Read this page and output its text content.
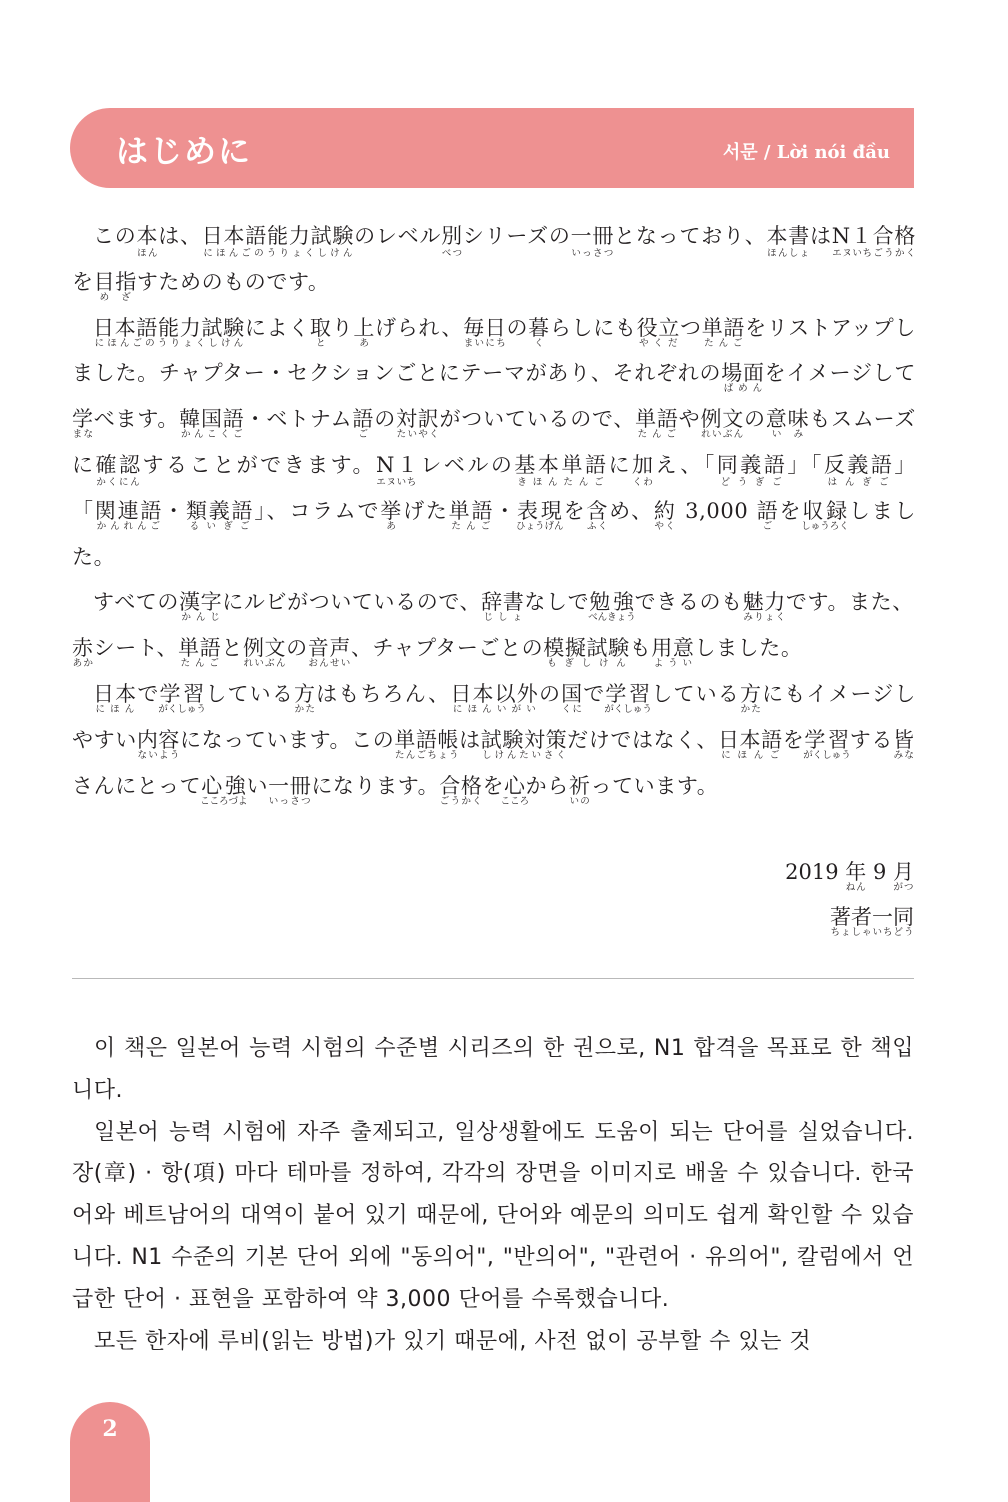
はじめに	서문 / Lời nói đầu

この本ほんは、日本語能力試験にほんごのうりょくしけんのレベル別べつシリーズの一冊いっさつとなっており、本書ほんしょはN１エヌいち合格ごうかくを目指めざすためのものです。

日本語能力試験にほんごのうりょくしけんによく取とり上あげられ、毎日まいにちの暮くらしにも役立やくだつ単語たんごをリストアップしました。チャプター・セクションごとにテーマがあり、それぞれの場面ばめんをイメージして学まなべます。韓国語かんこくご・ベトナム語ごの対訳たいやくがついているので、単語たんごや例文れいぶんの意味いみもスムーズに確認かくにんすることができます。N１エヌいちレベルの基本単語きほんたんごに加くわえ、「同義語どうぎご」「反義語はんぎご」「関連語かんれんご・類義語るいぎご」、コラムで挙あげた単語たんご・表現ひょうげんを含ふくめ、約やく 3,000 語ごを収録しゅうろくしました。

すべての漢字かんじにルビがついているので、辞書じしょなしで勉強べんきょうできるのも魅力みりょくです。また、赤あかシート、単語たんごと例文れいぶんの音声おんせい、チャプターごとの模擬試験もぎしけんも用意よういしました。

日本にほんで学習がくしゅうしている方かたはもちろん、日本以外にほんいがいの国くにで学習がくしゅうしている方かたにもイメージしやすい内容ないようになっています。この単語帳たんごちょうは試験対策しけんたいさくだけではなく、日本語にほんごを学習がくしゅうする皆みなさんにとって心強こころづよい一冊いっさつになります。合格ごうかくを心こころから祈いのっています。

2019 年ねん 9 月がつ
著者一同ちょしゃいちどう

이 책은 일본어 능력 시험의 수준별 시리즈의 한 권으로, N1 합격을 목표로 한 책입니다.

일본어 능력 시험에 자주 출제되고, 일상생활에도 도움이 되는 단어를 실었습니다. 장(章) · 항(項) 마다 테마를 정하여, 각각의 장면을 이미지로 배울 수 있습니다. 한국어와 베트남어의 대역이 붙어 있기 때문에, 단어와 예문의 의미도 쉽게 확인할 수 있습니다. N1 수준의 기본 단어 외에 "동의어", "반의어", "관련어 · 유의어", 칼럼에서 언급한 단어 · 표현을 포함하여 약 3,000 단어를 수록했습니다.

모든 한자에 루비(읽는 방법)가 있기 때문에, 사전 없이 공부할 수 있는 것

2
